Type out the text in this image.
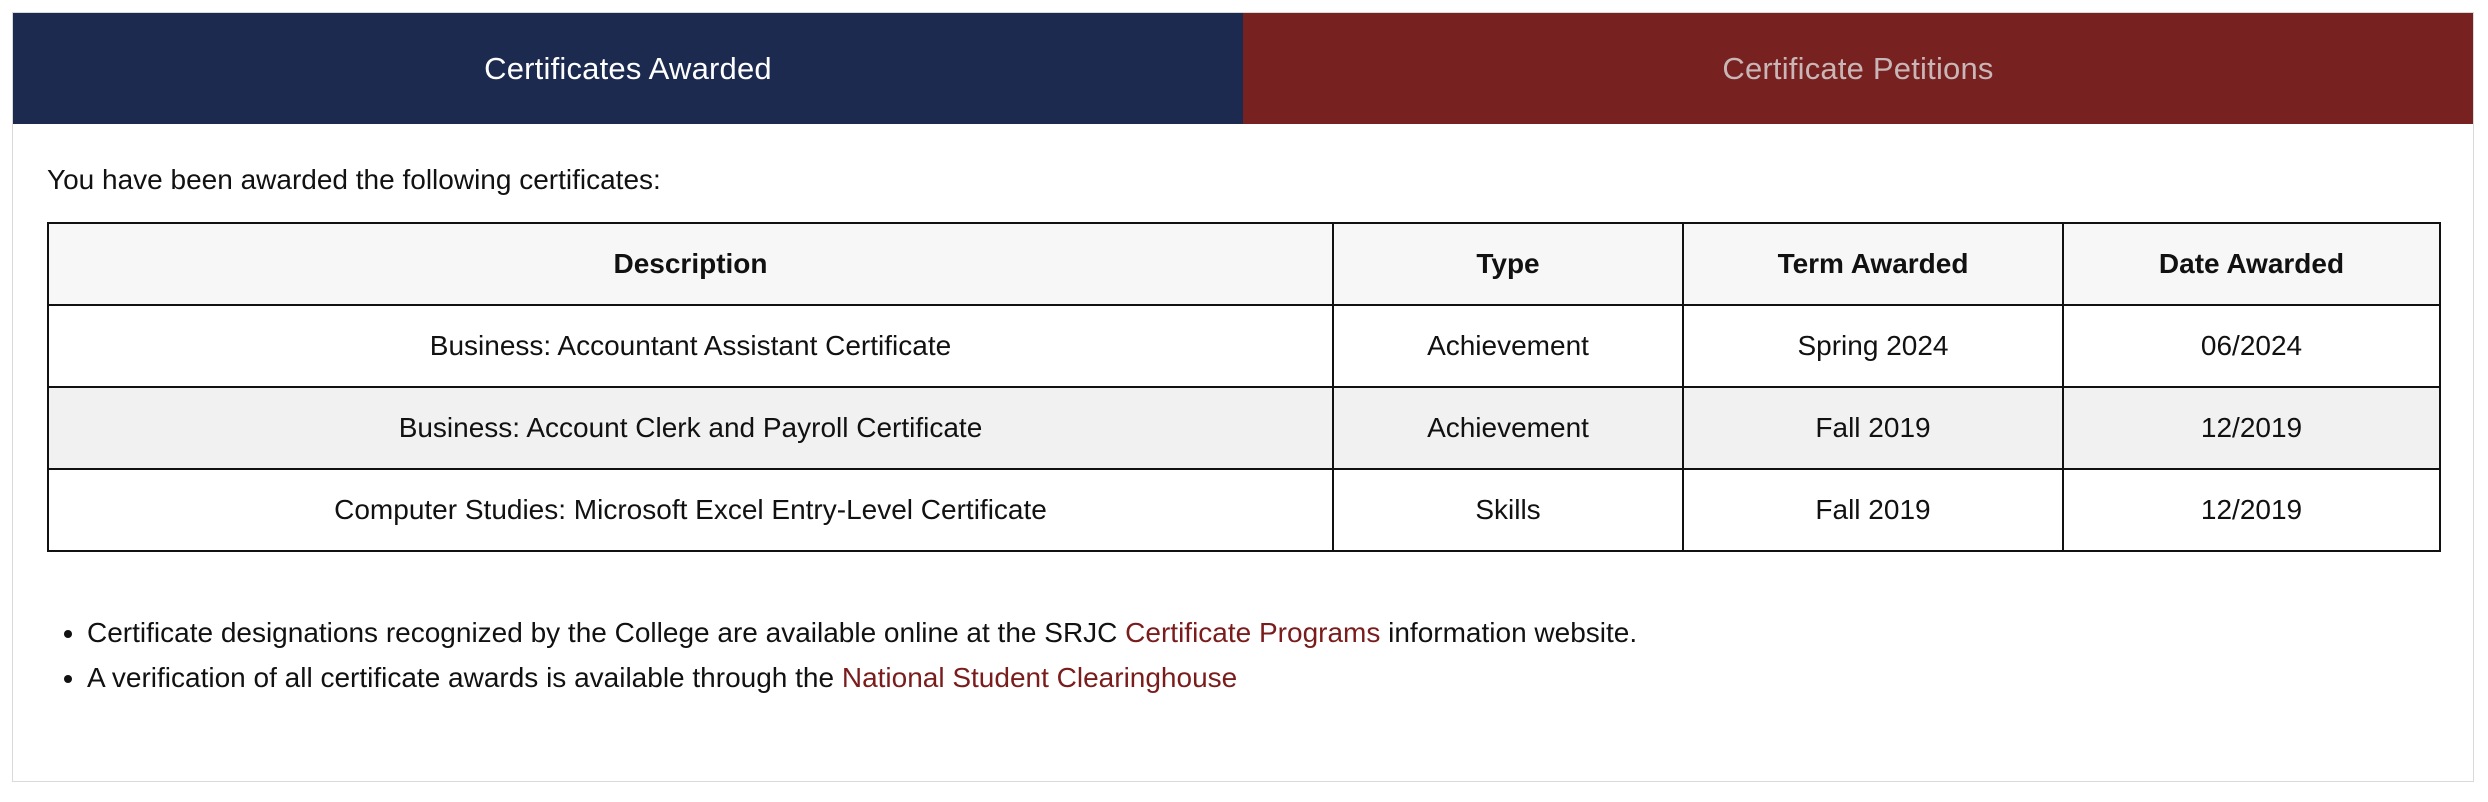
Certificates Awarded	Certificate Petitions
You have been awarded the following certificates:
Description	Type	Term Awarded	Date Awarded
Business: Accountant Assistant Certificate	Achievement	Spring 2024	06/2024
Business: Account Clerk and Payroll Certificate	Achievement	Fall 2019	12/2019
Computer Studies: Microsoft Excel Entry-Level Certificate	Skills	Fall 2019	12/2019
• Certificate designations recognized by the College are available online at the SRJC Certificate Programs information website.
• A verification of all certificate awards is available through the National Student Clearinghouse
